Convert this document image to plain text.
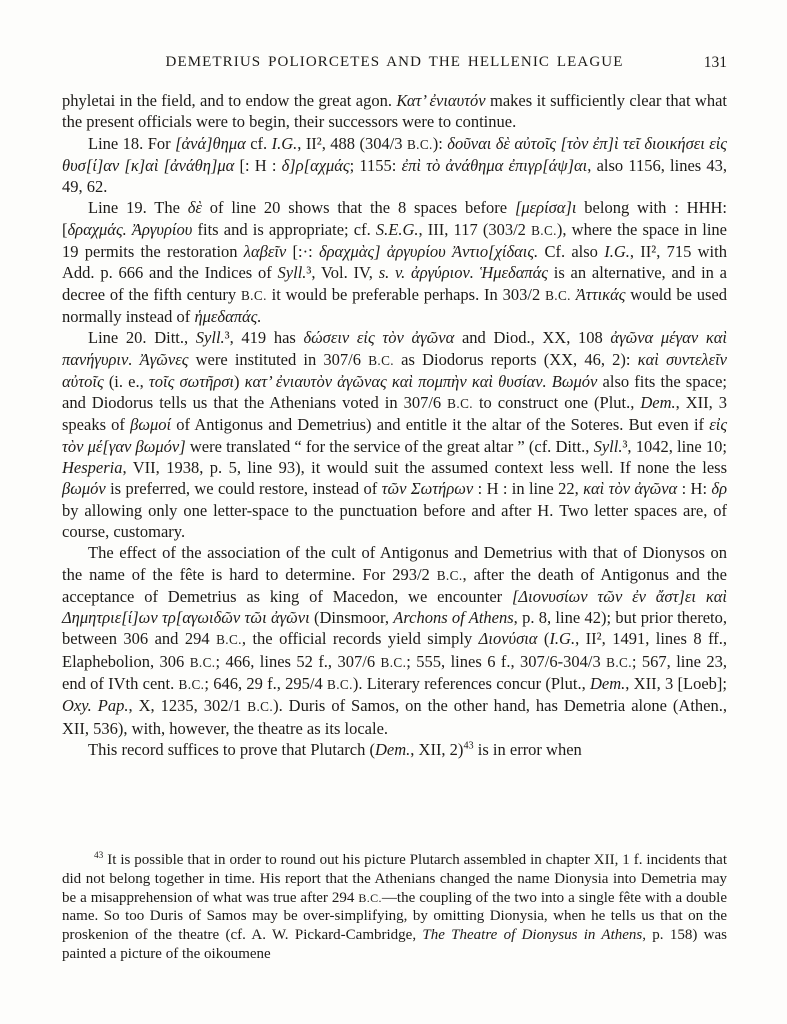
DEMETRIUS POLIORCETES AND THE HELLENIC LEAGUE	131

phyletai in the field, and to endow the great agon. Κατ’ ἐνιαυτόν makes it sufficiently clear that what the present officials were to begin, their successors were to continue.

Line 18. For [ἀνά]θημα cf. I.G., II², 488 (304/3 B.C.): δοῦναι δὲ αὐτοῖς [τὸν ἐπ]ὶ τεῖ διοικήσει εἰς θυσ[ί]αν [κ]αὶ [ἀνάθη]μα [: Η : δ]ρ[αχμάς; 1155: ἐπὶ τὸ ἀνάθημα ἐπιγρ[άψ]αι, also 1156, lines 43, 49, 62.

Line 19. The δὲ of line 20 shows that the 8 spaces before [μερίσα]ι belong with : ΗΗΗ: [δραχμάς. Ἀργυρίου fits and is appropriate; cf. S.E.G., III, 117 (303/2 B.C.), where the space in line 19 permits the restoration λαβεῖν [:·: δραχμὰς] ἀργυρίου Ἀντιο[χίδαις. Cf. also I.G., II², 715 with Add. p. 666 and the Indices of Syll.³, Vol. IV, s. v. ἀργύριον. Ἡμεδαπάς is an alternative, and in a decree of the fifth century B.C. it would be preferable perhaps. In 303/2 B.C. Ἀττικάς would be used normally instead of ἡμεδαπάς.

Line 20. Ditt., Syll.³, 419 has δώσειν εἰς τὸν ἀγῶνα and Diod., XX, 108 ἀγῶνα μέγαν καὶ πανήγυριν. Ἀγῶνες were instituted in 307/6 B.C. as Diodorus reports (XX, 46, 2): καὶ συντελεῖν αὐτοῖς (i. e., τοῖς σωτῆρσι) κατ’ ἐνιαυτὸν ἀγῶνας καὶ πομπὴν καὶ θυσίαν. Βωμόν also fits the space; and Diodorus tells us that the Athenians voted in 307/6 B.C. to construct one (Plut., Dem., XII, 3 speaks of βωμοί of Antigonus and Demetrius) and entitle it the altar of the Soteres. But even if εἰς τὸν μέ[γαν βωμόν] were translated “ for the service of the great altar ” (cf. Ditt., Syll.³, 1042, line 10; Hesperia, VII, 1938, p. 5, line 93), it would suit the assumed context less well. If none the less βωμόν is preferred, we could restore, instead of τῶν Σωτήρων : Η : in line 22, καὶ τὸν ἀγῶνα : Η: δρ by allowing only one letter-space to the punctuation before and after Η. Two letter spaces are, of course, customary.

The effect of the association of the cult of Antigonus and Demetrius with that of Dionysos on the name of the fête is hard to determine. For 293/2 B.C., after the death of Antigonus and the acceptance of Demetrius as king of Macedon, we encounter [Διονυσίων τῶν ἐν ἄστ]ει καὶ Δημητριε[ί]ων τρ[αγωιδῶν τῶι ἀγῶνι (Dinsmoor, Archons of Athens, p. 8, line 42); but prior thereto, between 306 and 294 B.C., the official records yield simply Διονύσια (I.G., II², 1491, lines 8 ff., Elaphebolion, 306 B.C.; 466, lines 52 f., 307/6 B.C.; 555, lines 6 f., 307/6-304/3 B.C.; 567, line 23, end of IVth cent. B.C.; 646, 29 f., 295/4 B.C.). Literary references concur (Plut., Dem., XII, 3 [Loeb]; Oxy. Pap., X, 1235, 302/1 B.C.). Duris of Samos, on the other hand, has Demetria alone (Athen., XII, 536), with, however, the theatre as its locale.

This record suffices to prove that Plutarch (Dem., XII, 2)$^{43}$ is in error when

$^{43}$ It is possible that in order to round out his picture Plutarch assembled in chapter XII, 1 f. incidents that did not belong together in time. His report that the Athenians changed the name Dionysia into Demetria may be a misapprehension of what was true after 294 B.C.—the coupling of the two into a single fête with a double name. So too Duris of Samos may be over-simplifying, by omitting Dionysia, when he tells us that on the proskenion of the theatre (cf. A. W. Pickard-Cambridge, The Theatre of Dionysus in Athens, p. 158) was painted a picture of the oikoumene
